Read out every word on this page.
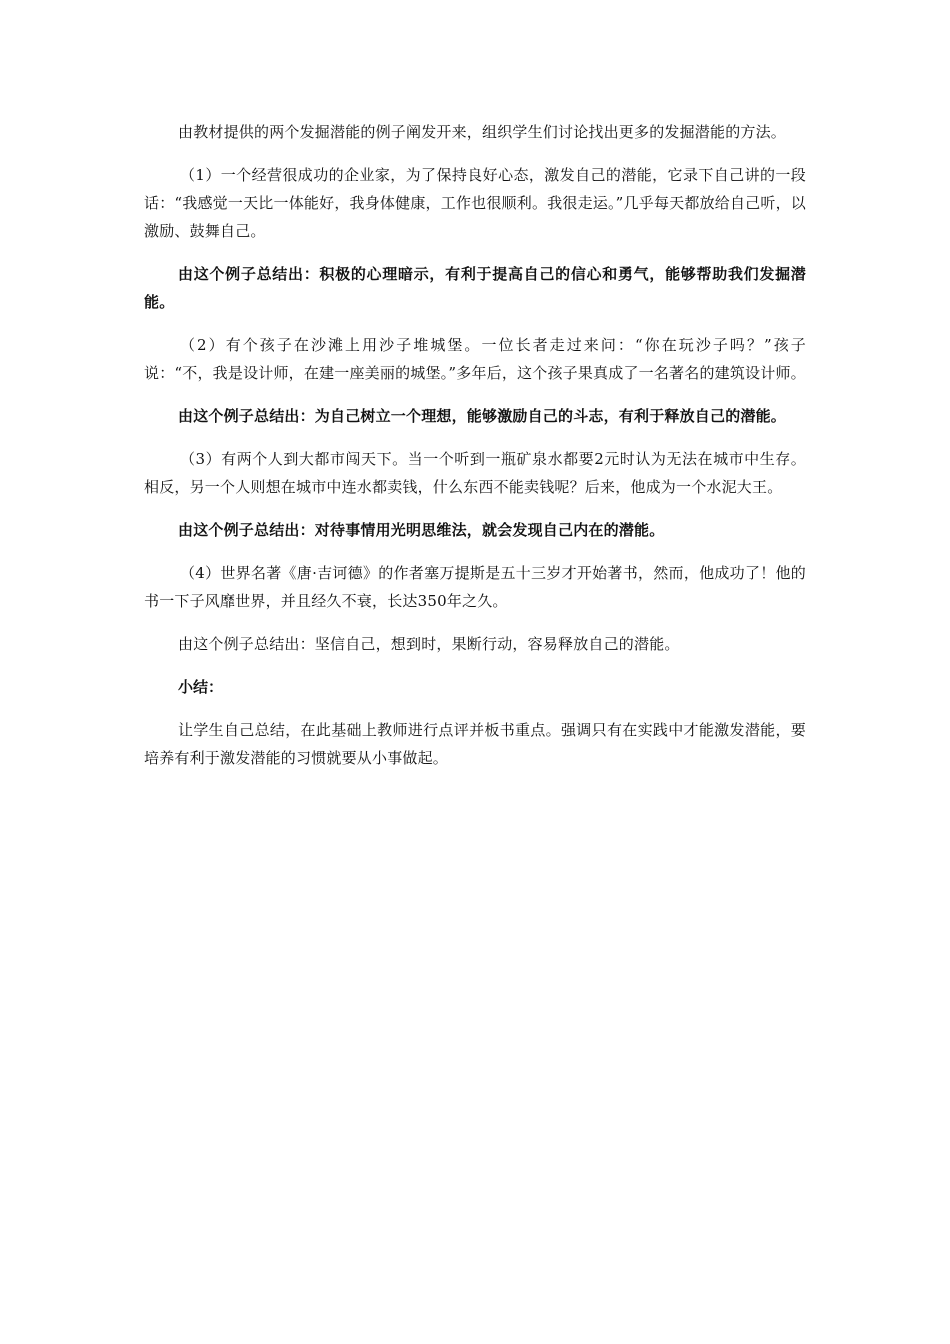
由教材提供的两个发掘潜能的例子阐发开来，组织学生们讨论找出更多的发掘潜能的方法。

（1）一个经营很成功的企业家，为了保持良好心态，激发自己的潜能，它录下自己讲的一段话：“我感觉一天比一体能好，我身体健康，工作也很顺利。我很走运。”几乎每天都放给自己听，以激励、鼓舞自己。

由这个例子总结出：积极的心理暗示，有利于提高自己的信心和勇气，能够帮助我们发掘潜能。

（2）有个孩子在沙滩上用沙子堆城堡。一位长者走过来问：“你在玩沙子吗？”孩子说：“不，我是设计师，在建一座美丽的城堡。”多年后，这个孩子果真成了一名著名的建筑设计师。

由这个例子总结出：为自己树立一个理想，能够激励自己的斗志，有利于释放自己的潜能。

（3）有两个人到大都市闯天下。当一个听到一瓶矿泉水都要2元时认为无法在城市中生存。相反，另一个人则想在城市中连水都卖钱，什么东西不能卖钱呢？后来，他成为一个水泥大王。

由这个例子总结出：对待事情用光明思维法，就会发现自己内在的潜能。

（4）世界名著《唐·吉诃德》的作者塞万提斯是五十三岁才开始著书，然而，他成功了！他的书一下子风靡世界，并且经久不衰，长达350年之久。

由这个例子总结出：坚信自己，想到时，果断行动，容易释放自己的潜能。

小结：

让学生自己总结，在此基础上教师进行点评并板书重点。强调只有在实践中才能激发潜能，要培养有利于激发潜能的习惯就要从小事做起。
